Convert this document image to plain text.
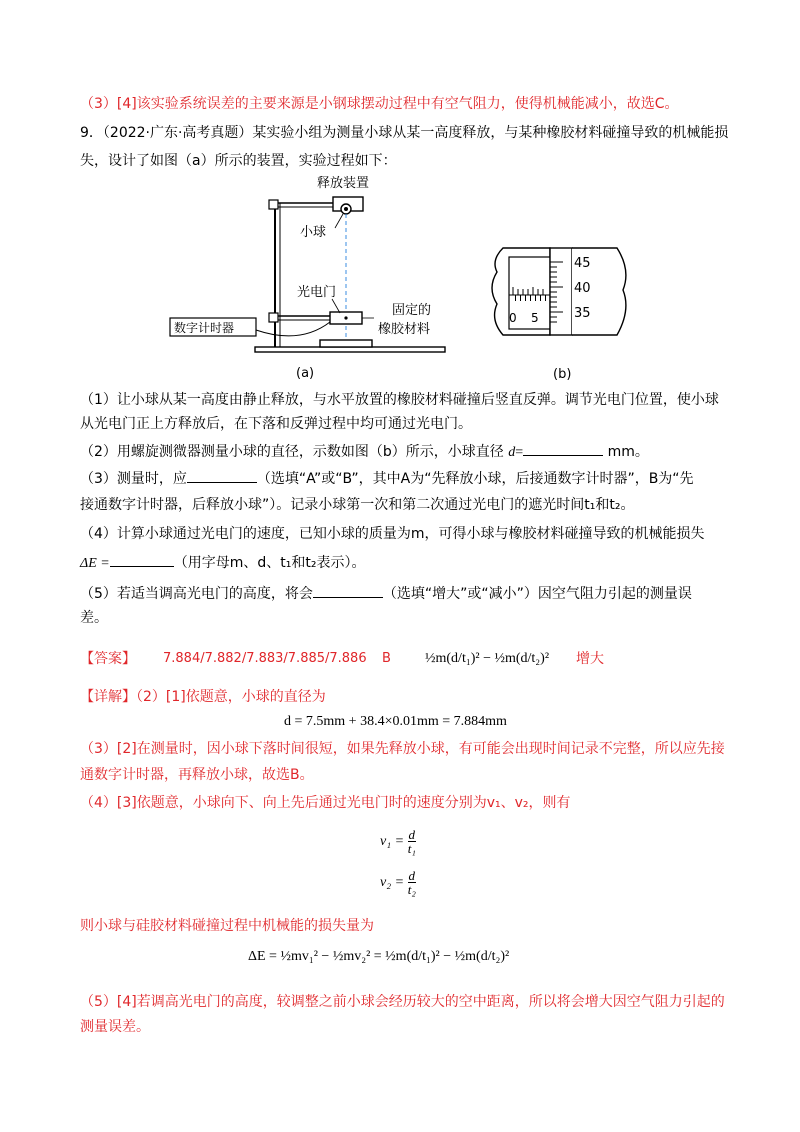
（3）[4]该实验系统误差的主要来源是小钢球摆动过程中有空气阻力，使得机械能减小，故选C。
9．（2022·广东·高考真题）某实验小组为测量小球从某一高度释放，与某种橡胶材料碰撞导致的机械能损
失，设计了如图（a）所示的装置，实验过程如下：
释放装置
小球
光电门
固定的
橡胶材料
数字计时器
(a)
45
40
35
0 5
(b)
（1）让小球从某一高度由静止释放，与水平放置的橡胶材料碰撞后竖直反弹。调节光电门位置，使小球
从光电门正上方释放后，在下落和反弹过程中均可通过光电门。
（2）用螺旋测微器测量小球的直径，示数如图（b）所示，小球直径 d=	mm。
（3）测量时，应	（选填“A”或“B”，其中A为“先释放小球，后接通数字计时器”，B为“先
接通数字计时器，后释放小球”）。记录小球第一次和第二次通过光电门的遮光时间t₁和t₂。
（4）计算小球通过光电门的速度，已知小球的质量为m，可得小球与橡胶材料碰撞导致的机械能损失
ΔE =	（用字母m、d、t₁和t₂表示）。
（5）若适当调高光电门的高度，将会	（选填“增大”或“减小”）因空气阻力引起的测量误
差。
【答案】 7.884/7.882/7.883/7.885/7.886 B ½m(d/t₁)² − ½m(d/t₂)² 增大
【详解】（2）[1]依题意，小球的直径为
d = 7.5mm + 38.4×0.01mm = 7.884mm
（3）[2]在测量时，因小球下落时间很短，如果先释放小球，有可能会出现时间记录不完整，所以应先接
通数字计时器，再释放小球，故选B。
（4）[3]依题意，小球向下、向上先后通过光电门时的速度分别为v₁、v₂，则有
$v_1 = \frac{d}{\text{t₁}}$
$v_2 = \frac{d}{\text{t₂}}$
则小球与硅胶材料碰撞过程中机械能的损失量为
ΔE = ½mv₁² − ½mv₂² = ½m(d/t₁)² − ½m(d/t₂)²
（5）[4]若调高光电门的高度，较调整之前小球会经历较大的空中距离，所以将会增大因空气阻力引起的
测量误差。
